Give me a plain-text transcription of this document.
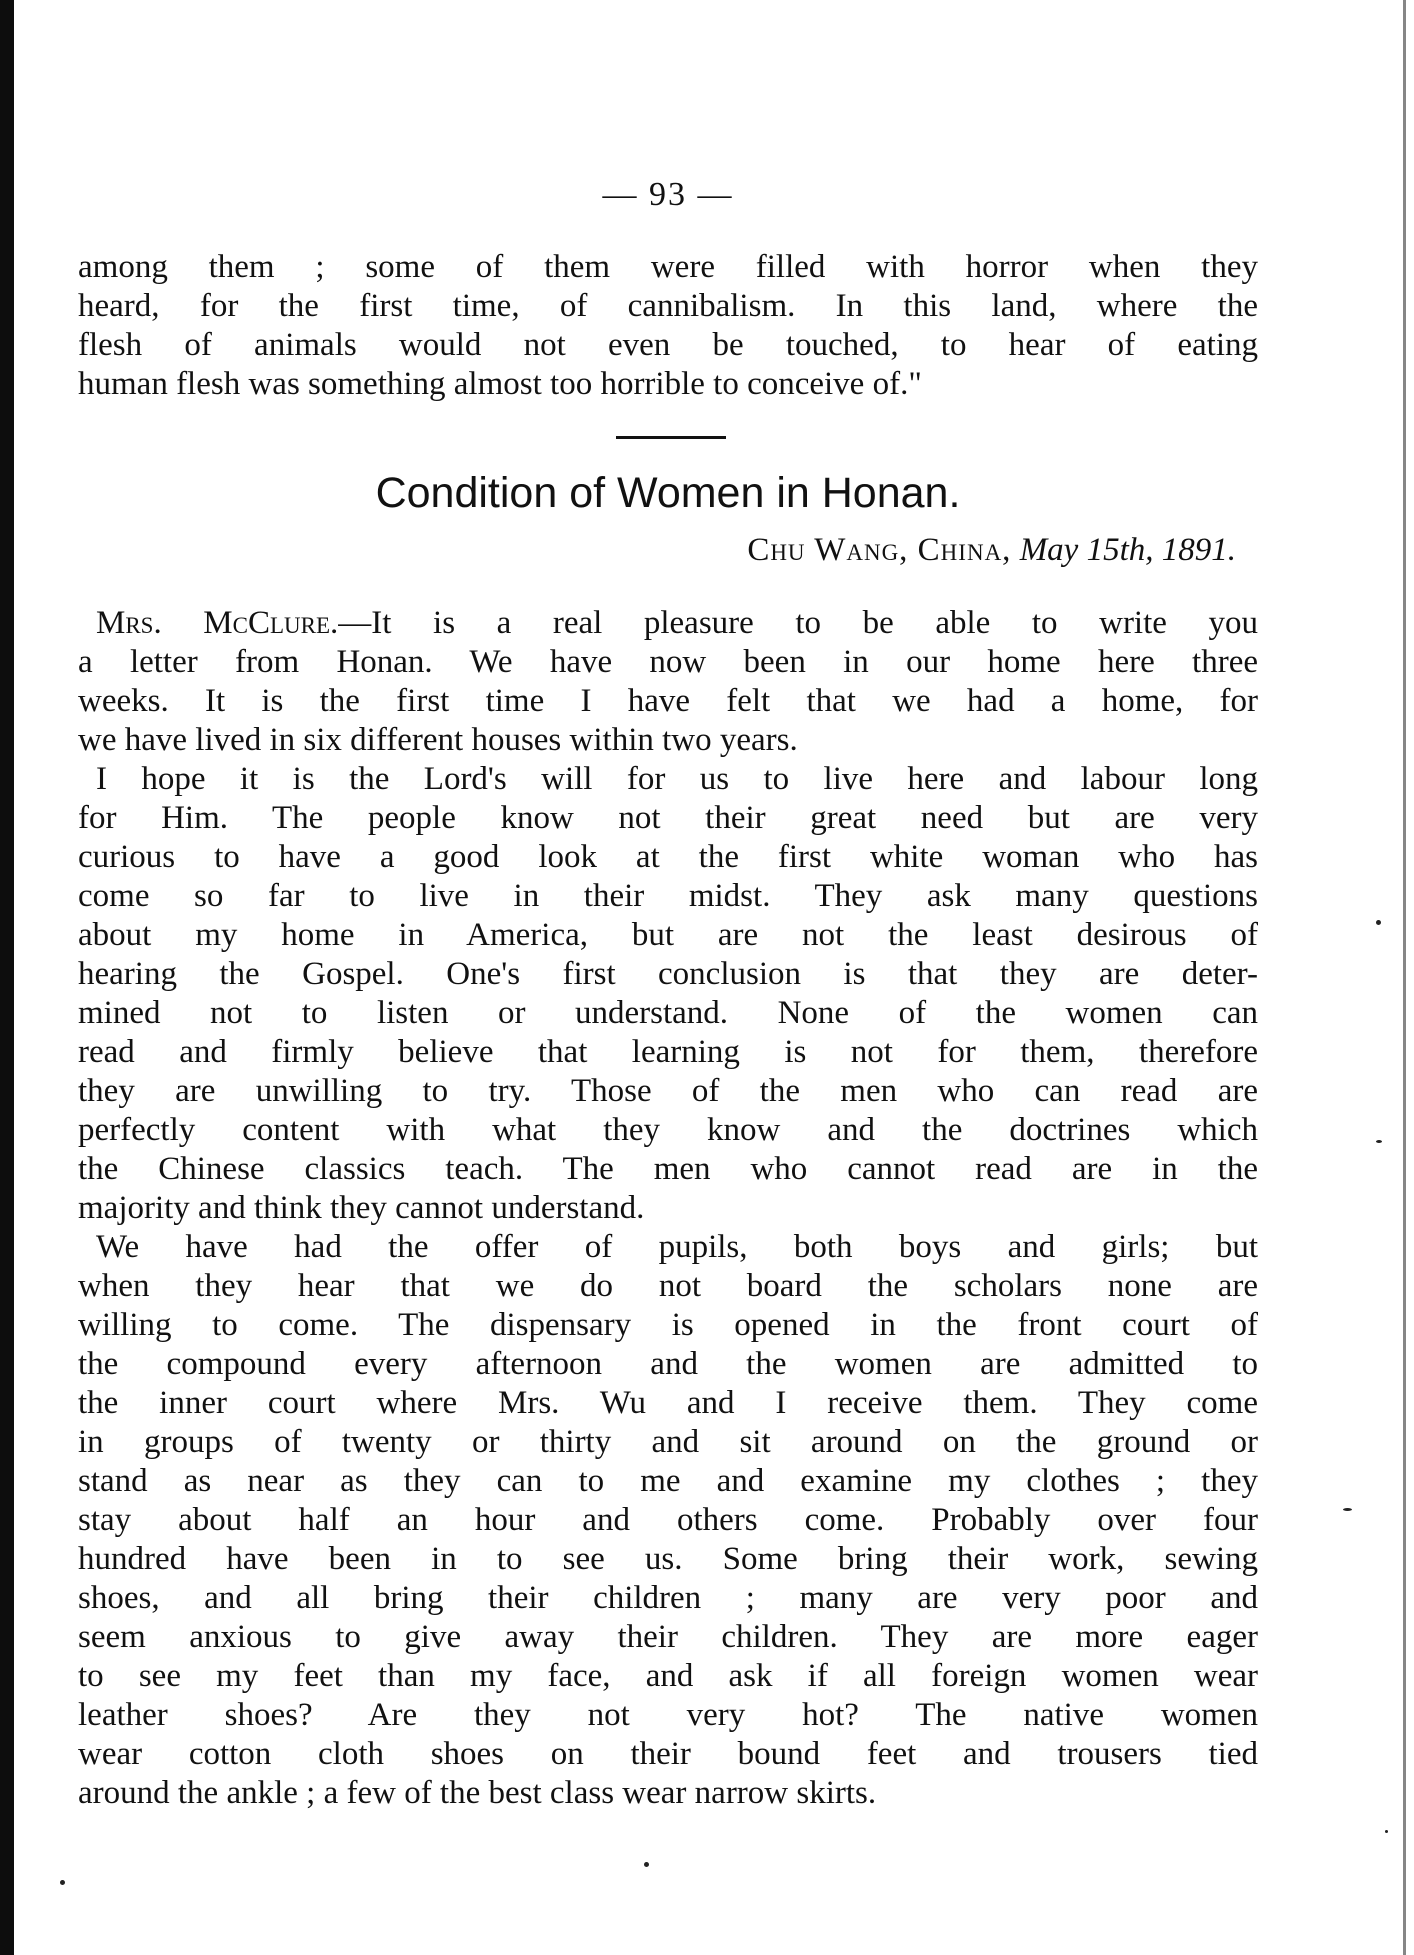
— 93 —
among them ; some of them were filled with horror when they
heard, for the first time, of cannibalism. In this land, where the
flesh of animals would not even be touched, to hear of eating
human flesh was something almost too horrible to conceive of."
Condition of Women in Honan.
Chu Wang, China, May 15th, 1891.
Mrs. McClure.—It is a real pleasure to be able to write you
a letter from Honan. We have now been in our home here three
weeks. It is the first time I have felt that we had a home, for
we have lived in six different houses within two years.
I hope it is the Lord's will for us to live here and labour long
for Him. The people know not their great need but are very
curious to have a good look at the first white woman who has
come so far to live in their midst. They ask many questions
about my home in America, but are not the least desirous of
hearing the Gospel. One's first conclusion is that they are deter-
mined not to listen or understand. None of the women can
read and firmly believe that learning is not for them, therefore
they are unwilling to try. Those of the men who can read are
perfectly content with what they know and the doctrines which
the Chinese classics teach. The men who cannot read are in the
majority and think they cannot understand.
We have had the offer of pupils, both boys and girls; but
when they hear that we do not board the scholars none are
willing to come. The dispensary is opened in the front court of
the compound every afternoon and the women are admitted to
the inner court where Mrs. Wu and I receive them. They come
in groups of twenty or thirty and sit around on the ground or
stand as near as they can to me and examine my clothes ; they
stay about half an hour and others come. Probably over four
hundred have been in to see us. Some bring their work, sewing
shoes, and all bring their children ; many are very poor and
seem anxious to give away their children. They are more eager
to see my feet than my face, and ask if all foreign women wear
leather shoes? Are they not very hot? The native women
wear cotton cloth shoes on their bound feet and trousers tied
around the ankle ; a few of the best class wear narrow skirts.
